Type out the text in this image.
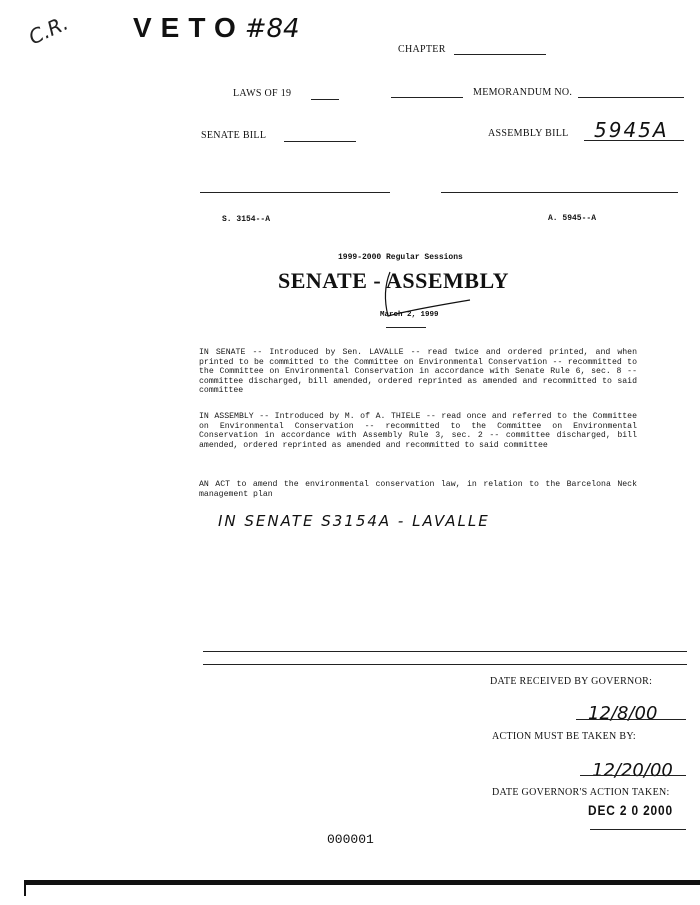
C.R. VETO#84
CHAPTER
LAWS OF 19	MEMORANDUM NO.
SENATE BILL	ASSEMBLY BILL 5945A
S. 3154--A	A. 5945--A
1999-2000 Regular Sessions
SENATE - ASSEMBLY
March 2, 1999
IN SENATE -- Introduced by Sen. LAVALLE -- read twice and ordered printed, and when printed to be committed to the Committee on Environmental Conservation -- recommitted to the Committee on Environmental Conservation in accordance with Senate Rule 6, sec. 8 -- committee discharged, bill amended, ordered reprinted as amended and recommitted to said committee
IN ASSEMBLY -- Introduced by M. of A. THIELE -- read once and referred to the Committee on Environmental Conservation -- recommitted to the Committee on Environmental Conservation in accordance with Assembly Rule 3, sec. 2 -- committee discharged, bill amended, ordered reprinted as amended and recommitted to said committee
AN ACT to amend the environmental conservation law, in relation to the Barcelona Neck management plan
IN SENATE S3154A - LAVALLE
DATE RECEIVED BY GOVERNOR:
12/8/00
ACTION MUST BE TAKEN BY:
12/20/00
DATE GOVERNOR'S ACTION TAKEN:
DEC 2 0 2000
000001
